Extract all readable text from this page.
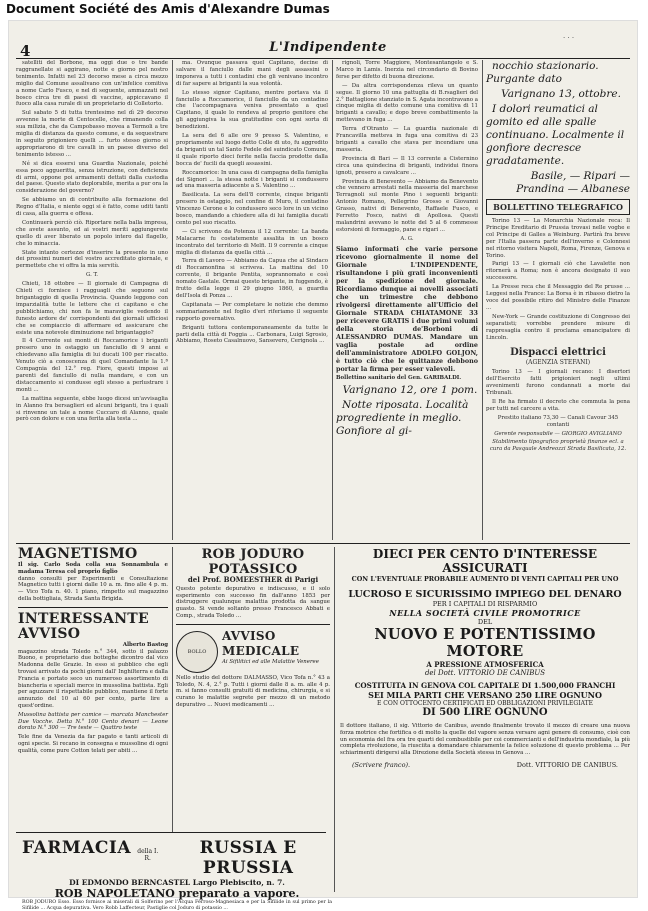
Document Société des Amis d'Alexandre Dumas
4	L'Indipendente
· · ·

satelliti del Borbone, ma oggi due o tre bande raggranellate si aggirano, notte e giorno pel nostro tenimento. Infatti nel 23 decorso mese a circa mezzo miglio dal Comune assalivano con un'infelice comitiva a nome Carlo Fusco, e nel di seguente, ammazzati nel bosco circa tre di paesi di vaccine, appiccavano il fuoco alla casa rurale di un proprietario di Colletorto.

Sul sabato 5 di tutta trentesimo nel dì 29 decorso avvenne la morte di Centocelle, che rimanendo colla sua milizia, che da Campobasso movea a Termoli a tre miglia di distanza da questo comune, e da sequestrare in seguito prigioniero quelli ... furto stesso giorno si appropriarono di tre cavalli in un paese diverso del tenimento istesso ...

Né si dica essersi una Guardia Nazionale, poiché essa poco aggueritta, senza istruzione, con deficienza di armi, oppone poi armamenti dettati dalla custodia del paese. Questo stato deplorabile, merita a pur ora la considerazione del governo?

Se abbiamo un di contribuito alla formazione del Regno d'Italia, e niente oggi si è fatto, come uditi tanti di casa, alla guerra e offesa.

Continuerà perciò ciò. Riportare nella balla impresa, che avete assunto, ed ai vostri meriti aggiungerete quello di aver liberato un popolo intero dal flagello, che lo minaccia.

State intanto certezze d'inserire la presente in uno dei prossimi numeri del vostro accreditato giornale, e permettete che vi offra la mia servitù.

G. T.

Chieti, 18 ottobre — Il giornale di Campagna di Chieti ci fornisce i ragguagli che seguono sul brigantaggio di quella Provincia. Quando leggono con imparzialità tutte le lettere che ci capitano e che pubblichiamo, chi non fa le maraviglie vedendo il funesto ardore de' corrispondenti dei giornali ufficiosi che se compiaccio di affermare ed assicurare che esiste una notevole diminuzione nel brigantaggio?

Il 4 Corrente sui monti di Roccamorice i briganti presero uno in ostaggio un fanciullo di 9 anni e chiedevano alla famiglia di lui ducati 100 per riscatto. Venuto ciò a conoscenza di quel Comandante la 1.ª Compagnia del 12.° reg. Fiore, questi impose ai parenti del fanciullo di nulla mandare, e con un distaccamento si condusse egli stesso a perlustrare i monti ...

La mattina seguente, ebbe luogo dicesi un'avvisaglia in Alanno fra bersaglieri ed alcuni briganti, tra i quali si rinvenne un tale a nome Cuccaro di Alanno, quale però con dolore e con una ferita alla testa ...

ma. Ovunque passava quel Capitano, decine di salvare il fanciullo dalle mani degli assassini o imponeva a tutti i contadini che gli venivano incontro di far sapere ai briganti la sua volontà.

Lo stesso signor Capitano, mentre portava via il fanciullo a Roccamorice, il fanciullo da un contadino che l'accompagnava veniva presentato a quel Capitano, il quale lo rendeva al proprio genitore che gli aggiungiva la sua gratitudine con ogni sorta di benedizioni.

La sera del 6 alle ore 9 presso S. Valentino, e propriamente sul luogo detto Colle di uto, fu aggredito da briganti un tal Santo Fedele del suindicato Comune, il quale riporto dieci ferite nella faccia prodotte dalla bocca de' fucili da quegli assassini.

Roccamorice: In una casa di campagna della famiglia dei Signori ... la stessa notte i briganti si condussero ad una masseria adiacente a S. Valentino ...

Basilicata. La sera dell'8 corrente, cinque briganti presero in ostaggio, nel confine di Muro, il contadino Vincenzo Cerone e lo condussero seco lore in un vicino bosco, mandando a chiedere alla di lui famiglia ducati cento pel suo riscatto.

— Ci scrivono da Potenza il 12 corrente: La banda Malacarne fu costatemente assalita in un bosco incontrato del territorio di Melfi. Il 9 corrente a cinque miglia di distanza da quella città ...

Terra di Lavoro — Abbiamo da Capua che al Sindaco di Roccamonfina si scriveva. La mattina del 10 corrente, il brigante Pentita, soprannomato e così nomato Gastale. Ormai questo brigante, in fuggendo, è frutto della legge il 29 giugno 1860, a guardia dell'Isola di Ponza ...

Capitanata — Per completare le notizie che demmo sommariamente nel foglio d'eri riferiamo il seguente rapporto governativo.

Briganti tuttora contemporaneamente da tutte le parti della città di Foggia ... Carbonara, Luigi Sgrosio, Abbiamo, Roseto Casalnuovo, Sansevero, Cerignola ...

rignoli, Torre Maggiore, Montesantangelo e S. Marco in Lamis. Inerzia nel circondario di Bovino ferse per difetto di buona direzione.

— Da altra corrispondenza rileva un quanto segue. Il giorno 10 una pattuglia di B.rsaglieri del 2.° Battaglione stanziato in S. Agata incontravano a cinque miglia di detto comune una comitiva di 11 briganti a cavallo; e dopo breve combattimento la mettevano in fuga ...

Terra d'Otranto — La guardia nazionale di Francavilla metteva in fuga una comitiva di 23 briganti a cavallo che stava per incendiare una masseria.

Provincia di Bari — Il 13 corrente a Cisternino circa una quindecina di briganti, individui finora ignoti, presero a cavalcare ...

Provincia di Benevento — Abbiamo da Benevento che vennero arrestati nella masseria del marchese Terragnoli sul monte Pino i seguenti briganti: Antonio Romano, Pellegrino Grosso e Giovanni Grasso, nativi di Benevento, Raffaele Fusco, e Ferretto Fosco, nativi di Apollosa. Questi malandrini avevano le notte del 5 al 6 commesse estorsioni di formaggio, pane e rigari ...

A. G.

Siamo informati che varie persone ricevono giornalmente il nome del Giornale L'INDIPENDENTE, risultandone i più grati inconvenienti per la spedizione del giornale. Ricordiamo dunque ai novelli associati che un trimestre che debbono rivolgersi direttamente all'Ufficio del Giornale STRADA CHIATAMONE 33 per ricevere GRATIS i due primi volumi della storia de'Borboni di ALESSANDRO DUMAS. Mandare un vaglia postale ad ordine dell'amministratore ADOLFO GOLJON, è tutto ciò che le quittanze debbono portar la firma per esser valevoli.

Bollettino sanitario del Gen. GARIBALDI.

Varignano 12, ore 1 pom.

Notte riposata. Località progrediente in meglio. Gonfiore al gi-

nocchio stazionario. Purgante dato

Varignano 13, ottobre.

I dolori reumatici al gomito ed alle spalle continuano. Localmente il gonfiore decresce gradatamente.

Basile, — Ripari — Prandina — Albanese

BOLLETTINO TELEGRAFICO

Torino 13 — La Monarchia Nazionale reca: Il Principe Ereditario di Prussia trovasi nelle voghe e col Principe di Galles a Weinburg. Partirà fra breve per l'Italia passera parte dell'inverno e Colonnesi nel ritorno visitera Napoli, Roma, Firenze, Genova e Torino.

Parigi 13 — I giornali ciò che Lavalette non ritornerà a Roma; non è ancora designato il suo successore.

La Presse reca che il Messaggio del Re prusse ... Leggesi nella France: La Borsa è in ribasso dietro la voce del possibile ritiro del Ministro delle Finanze ...

New-York — Grande costituzione di Congresso dei separatisti; vorrebbe prendere misure di rappresaglia contro il proclama emancipatore di Lincoln.

Dispacci elettrici
(AGENZIA STEFANI)

Torino 13 — I giornali recano: I disertori dell'Esercito fatti prigionieri negli ultimi avvenimenti furono condannati a morte dai Tribunali.

Il Re ha firmato il decreto che commuta la pena per tutti nel carcere a vita.

Prestito italiano 73,30 — Canali Cavour 345 contanti

Gerente responsabile — GIORGIO AVIGLIANO

Stabilimento tipografico proprietà finanze ecl. a cura da Pasquale Andreozzi Strada Basilicata, 12.

MAGNETISMO
Il sig. Carlo Soda colla sua Sonnambula e madama Teresa col proprio figlio
danno consulti per Esperimenti e Consultazione Magnetico tutti i giorni dalle 10 a. m. fino alle 4 p. m. — Vico Tofa n. 40. 1 piano, rimpetto sul magazzino della bottigliaia, Strada Santa Brigida.
INTERESSANTE AVVISO
Alberto Bastog
magazzino strada Toledo n.° 344, sotto il palazzo Buono, e proprietario due botteghe dicontro dal vico Madonna delle Grazie. In esso si pubblico che egli trovasi arrivato da pochi giorni dall' Inghilterra e dalla Francia e portato seco un numeroso assortimento di biancheria e speciali merce in mussolina battista. Egli per aguzzare il rispettabile pubblico, mantiene il forte annunzio del 10 al 60 per cento, parte lire a quest'ordine.
Mussolina battista per camice — marcata Manchester Due Vacche. Detta N.° 100 Cento denari — Leone dorato N.° 300 — Tre teste — Quattro teste
Tele fine da Venezia da far pagato e tanti articoli di ogni specie. Si recano in consegna e mussoline di ogni qualità, come pure Cotton telati per abiti ...
ROB JODURO POTASSICO
del Prof. BOMEESTHER di Parigi
Questo potente depurativo e indiscusso, e il solo esperimento con successo fin dall'anno 1853 per distruggere qualunque malattia prodotta da sangue guasto. Si vende soltanto presso Francesco Abbati e Comp., strada Toledo ...
BOLLO
AVVISO MEDICALE
Ai Sifilitici ed alle Malattie Veneree
Nello studio del dottore DALMASSO, Vico Tofa n.° 43 a Toledo, N. 4, 2.° p. Tutti i giorni dalle 8 a. m. alle 4 p. m. si fanno consulti gratuiti di medicina, chirurgia, e si curano le malattie segrete per mezzo di un metodo depurativo ... Nuovi medicamenti ...
DIECI PER CENTO D'INTERESSE ASSICURATI
CON L'EVENTUALE PROBABILE AUMENTO DI VENTI CAPITALI PER UNO
LUCROSO E SICURISSIMO IMPIEGO DEL DENARO
PER I CAPITALI DI RISPARMIO
NELLA SOCIETÀ CIVILE PROMOTRICE
DEL
NUOVO E POTENTISSIMO MOTORE
A PRESSIONE ATMOSFERICA
del Dott. VITTORIO DE CANIBUS
COSTITUITA IN GENOVA COL CAPITALE DI 1.500,000 FRANCHI
SEI MILA PARTI CHE VERSANO 250 LIRE OGNUNO
E CON OTTOCENTO CERTIFICATI ED OBBLIGAZIONI PRIVILEGIATE
DI 500 LIRE OGNUNO
Il dottore italiano, il sig. Vittorio de Canibus, avendo finalmente trovato il mezzo di creare una nuova forza motrice che fortifica o di molto la quelle del vapore senza versare agni genere di consumo, cioè con un economia del fra ora tre quarti del combustibile per coi commercianti e dell'industria mondiale, la più completa rivoluzione, la riusciita a domandare chiaramente la felice soluzione di questo problema ... Per schiarimenti dirigersi alla Direzione della Società stessa in Genova ...
(Scrivere franco).	Dott. VITTORIO DE CANIBUS.
FARMACIA	della I. R.
RUSSIA E PRUSSIA
DI EDMONDO BERNCASTEL Largo Plebiscito, n. 7.
ROB NAPOLETANO preparato a vapore.
ROB JODURO Esso. Esso fornisce ai miserali di Solferino per l'Acqua Ferroso-Magnesiaca e per la Sifilide in sul primo per la Sifilide ... Acqua depurativa. Vero Robb Laffecteur, Pastiglie col Joduro di potassio ...
